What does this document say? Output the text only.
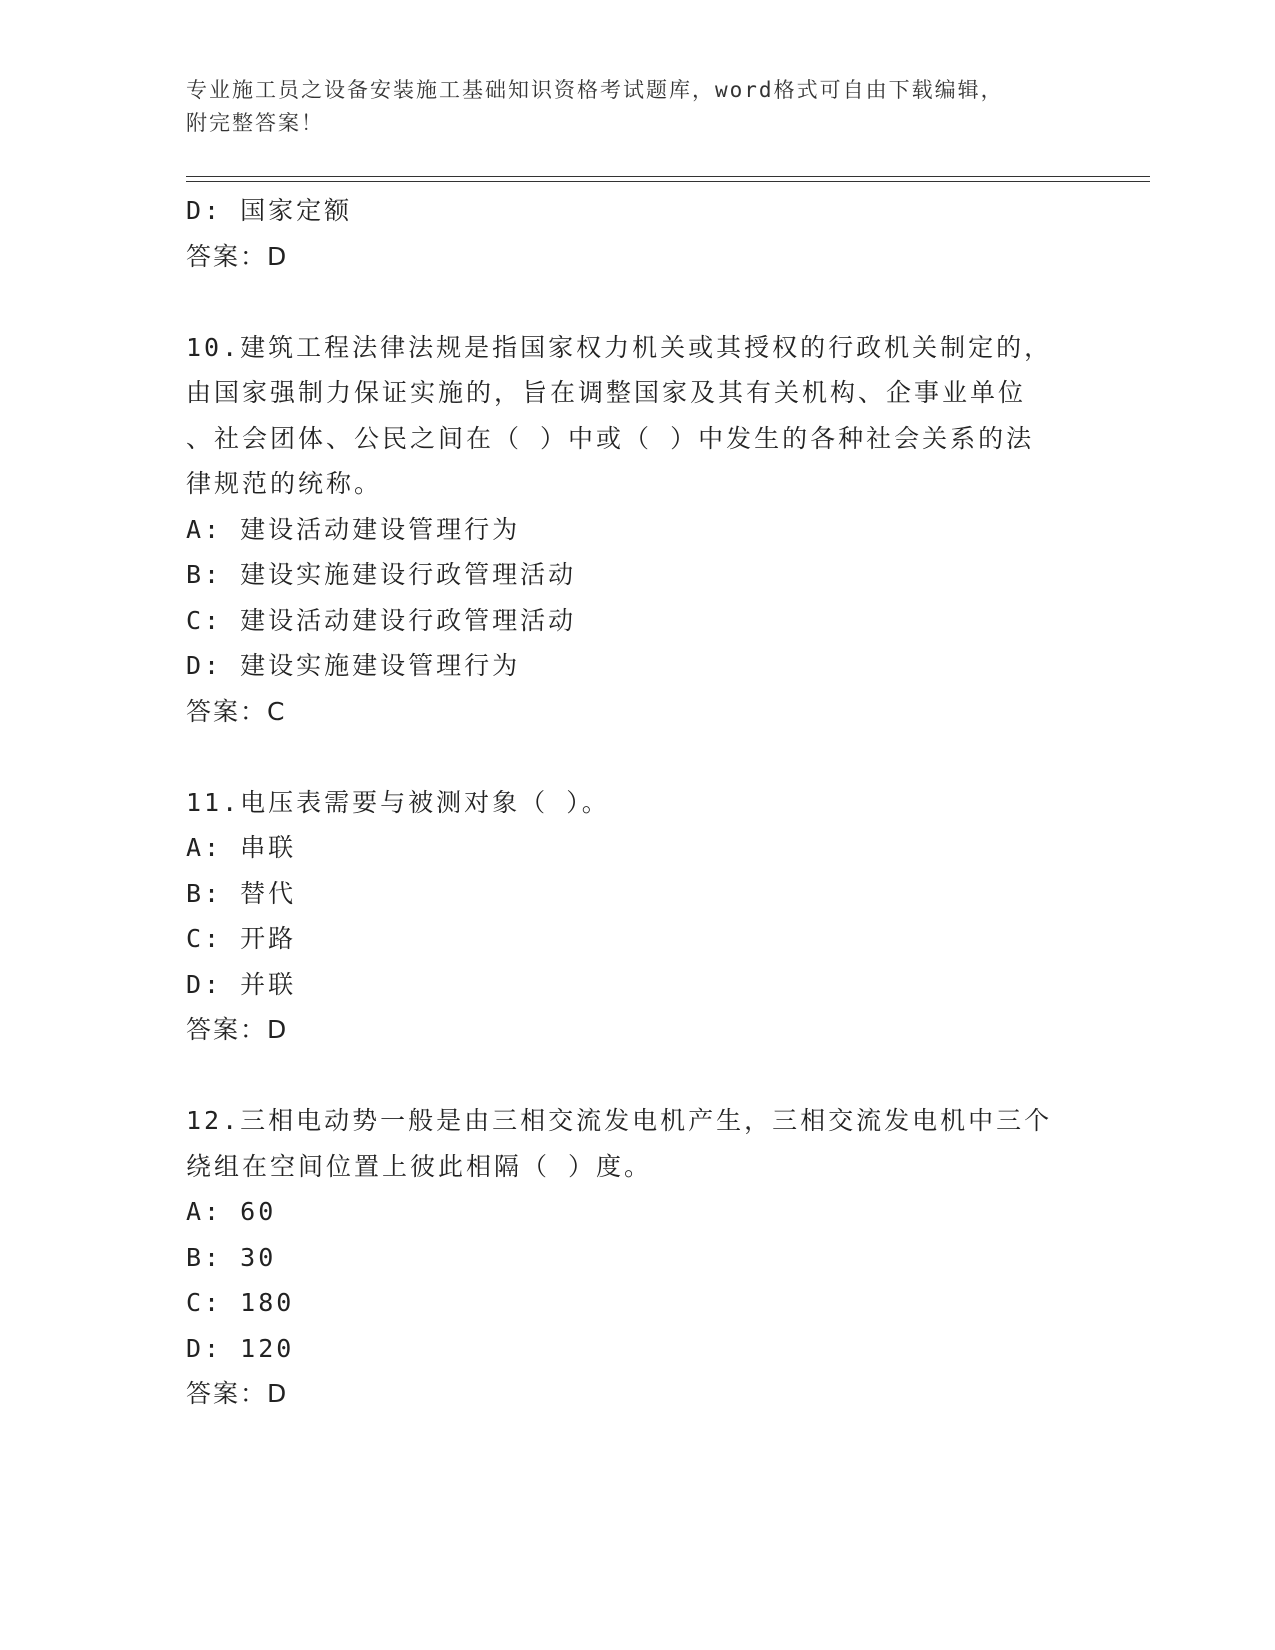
专业施工员之设备安装施工基础知识资格考试题库，word格式可自由下载编辑，
附完整答案！
D: 国家定额
答案：D
10.建筑工程法律法规是指国家权力机关或其授权的行政机关制定的，
由国家强制力保证实施的，旨在调整国家及其有关机构、企事业单位
、社会团体、公民之间在（ ）中或（ ）中发生的各种社会关系的法
律规范的统称。
A: 建设活动建设管理行为
B: 建设实施建设行政管理活动
C: 建设活动建设行政管理活动
D: 建设实施建设管理行为
答案：C
11.电压表需要与被测对象（ ）。
A: 串联
B: 替代
C: 开路
D: 并联
答案：D
12.三相电动势一般是由三相交流发电机产生，三相交流发电机中三个
绕组在空间位置上彼此相隔（ ）度。
A: 60
B: 30
C: 180
D: 120
答案：D
